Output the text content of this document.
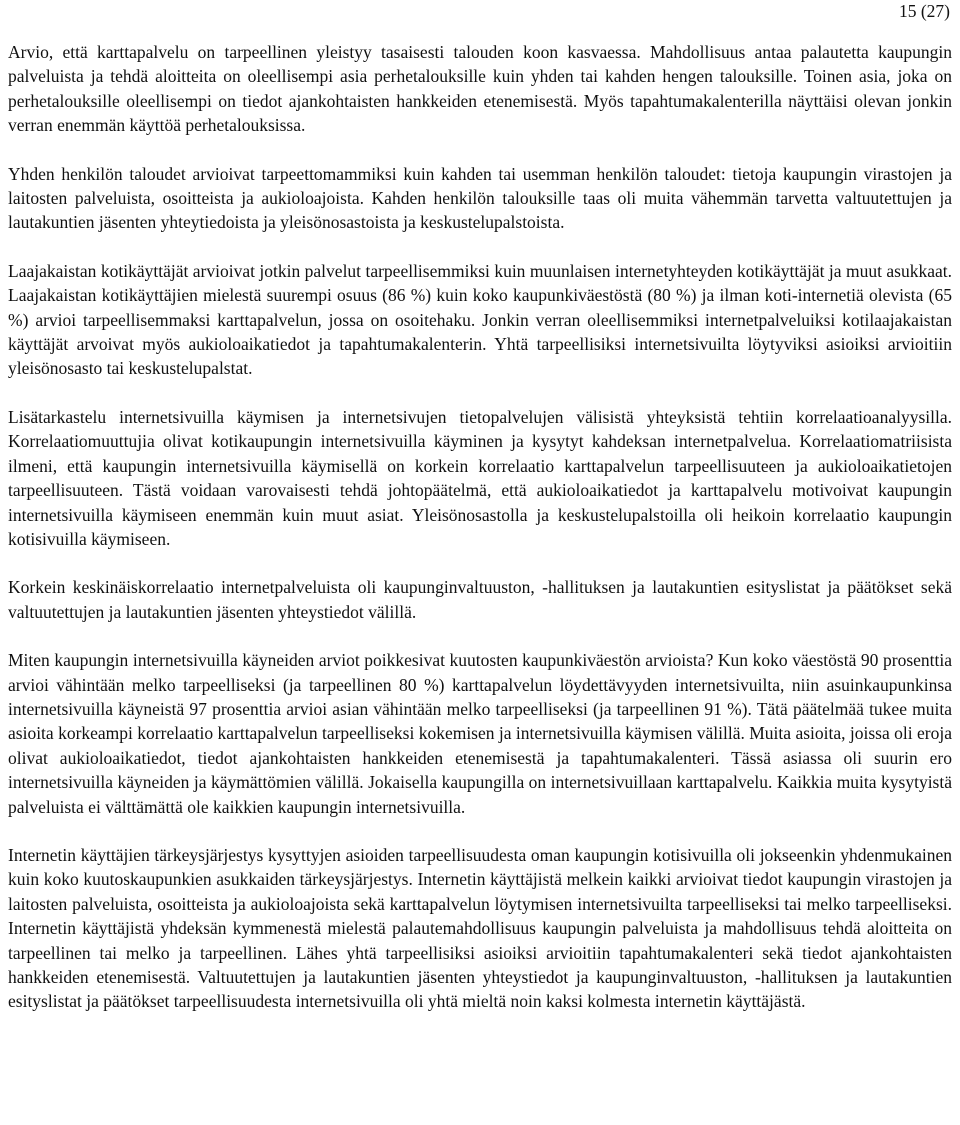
15 (27)

Arvio, että karttapalvelu on tarpeellinen yleistyy tasaisesti talouden koon kasvaessa. Mahdollisuus antaa palautetta kaupungin palveluista ja tehdä aloitteita on oleellisempi asia perhetalouksille kuin yhden tai kahden hengen talouksille. Toinen asia, joka on perhetalouksille oleellisempi on tiedot ajankohtaisten hankkeiden etenemisestä. Myös tapahtumakalenterilla näyttäisi olevan jonkin verran enemmän käyttöä perhetalouksissa.

Yhden henkilön taloudet arvioivat tarpeettomammiksi kuin kahden tai usemman henkilön taloudet: tietoja kaupungin virastojen ja laitosten palveluista, osoitteista ja aukioloajoista. Kahden henkilön talouksille taas oli muita vähemmän tarvetta valtuutettujen ja lautakuntien jäsenten yhteytiedoista ja yleisönosastoista ja keskustelupalstoista.

Laajakaistan kotikäyttäjät arvioivat jotkin palvelut tarpeellisemmiksi kuin muunlaisen internetyhteyden kotikäyttäjät ja muut asukkaat. Laajakaistan kotikäyttäjien mielestä suurempi osuus (86 %) kuin koko kaupunkiväestöstä (80 %) ja ilman koti-internetiä olevista (65 %) arvioi tarpeellisemmaksi karttapalvelun, jossa on osoitehaku. Jonkin verran oleellisemmiksi internetpalveluiksi kotilaajakaistan käyttäjät arvoivat myös aukioloaikatiedot ja tapahtumakalenterin. Yhtä tarpeellisiksi internetsivuilta löytyviksi asioiksi arvioitiin yleisönosasto tai keskustelupalstat.

Lisätarkastelu internetsivuilla käymisen ja internetsivujen tietopalvelujen välisistä yhteyksistä tehtiin korrelaatioanalyysilla. Korrelaatiomuuttujia olivat kotikaupungin internetsivuilla käyminen ja kysytyt kahdeksan internetpalvelua. Korrelaatiomatriisista ilmeni, että kaupungin internetsivuilla käymisellä on korkein korrelaatio karttapalvelun tarpeellisuuteen ja aukioloaikatietojen tarpeellisuuteen. Tästä voidaan varovaisesti tehdä johtopäätelmä, että aukioloaikatiedot ja karttapalvelu motivoivat kaupungin internetsivuilla käymiseen enemmän kuin muut asiat. Yleisönosastolla ja keskustelupalstoilla oli heikoin korrelaatio kaupungin kotisivuilla käymiseen.

Korkein keskinäiskorrelaatio internetpalveluista oli kaupunginvaltuuston, -hallituksen ja lautakuntien esityslistat ja päätökset sekä valtuutettujen ja lautakuntien jäsenten yhteystiedot välillä.

Miten kaupungin internetsivuilla käyneiden arviot poikkesivat kuutosten kaupunkiväestön arvioista? Kun koko väestöstä 90 prosenttia arvioi vähintään melko tarpeelliseksi (ja tarpeellinen 80 %) karttapalvelun löydettävyyden internetsivuilta, niin asuinkaupunkinsa internetsivuilla käyneistä 97 prosenttia arvioi asian vähintään melko tarpeelliseksi (ja tarpeellinen 91 %). Tätä päätelmää tukee muita asioita korkeampi korrelaatio karttapalvelun tarpeelliseksi kokemisen ja internetsivuilla käymisen välillä. Muita asioita, joissa oli eroja olivat aukioloaikatiedot, tiedot ajankohtaisten hankkeiden etenemisestä ja tapahtumakalenteri. Tässä asiassa oli suurin ero internetsivuilla käyneiden ja käymättömien välillä. Jokaisella kaupungilla on internetsivuillaan karttapalvelu. Kaikkia muita kysytyistä palveluista ei välttämättä ole kaikkien kaupungin internetsivuilla.

Internetin käyttäjien tärkeysjärjestys kysyttyjen asioiden tarpeellisuudesta oman kaupungin kotisivuilla oli jokseenkin yhdenmukainen kuin koko kuutoskaupunkien asukkaiden tärkeysjärjestys. Internetin käyttäjistä melkein kaikki arvioivat tiedot kaupungin virastojen ja laitosten palveluista, osoitteista ja aukioloajoista sekä karttapalvelun löytymisen internetsivuilta tarpeelliseksi tai melko tarpeelliseksi. Internetin käyttäjistä yhdeksän kymmenestä mielestä palautemahdollisuus kaupungin palveluista ja mahdollisuus tehdä aloitteita on tarpeellinen tai melko ja tarpeellinen. Lähes yhtä tarpeellisiksi asioiksi arvioitiin tapahtumakalenteri sekä tiedot ajankohtaisten hankkeiden etenemisestä. Valtuutettujen ja lautakuntien jäsenten yhteystiedot ja kaupunginvaltuuston, -hallituksen ja lautakuntien esityslistat ja päätökset tarpeellisuudesta internetsivuilla oli yhtä mieltä noin kaksi kolmesta internetin käyttäjästä.
